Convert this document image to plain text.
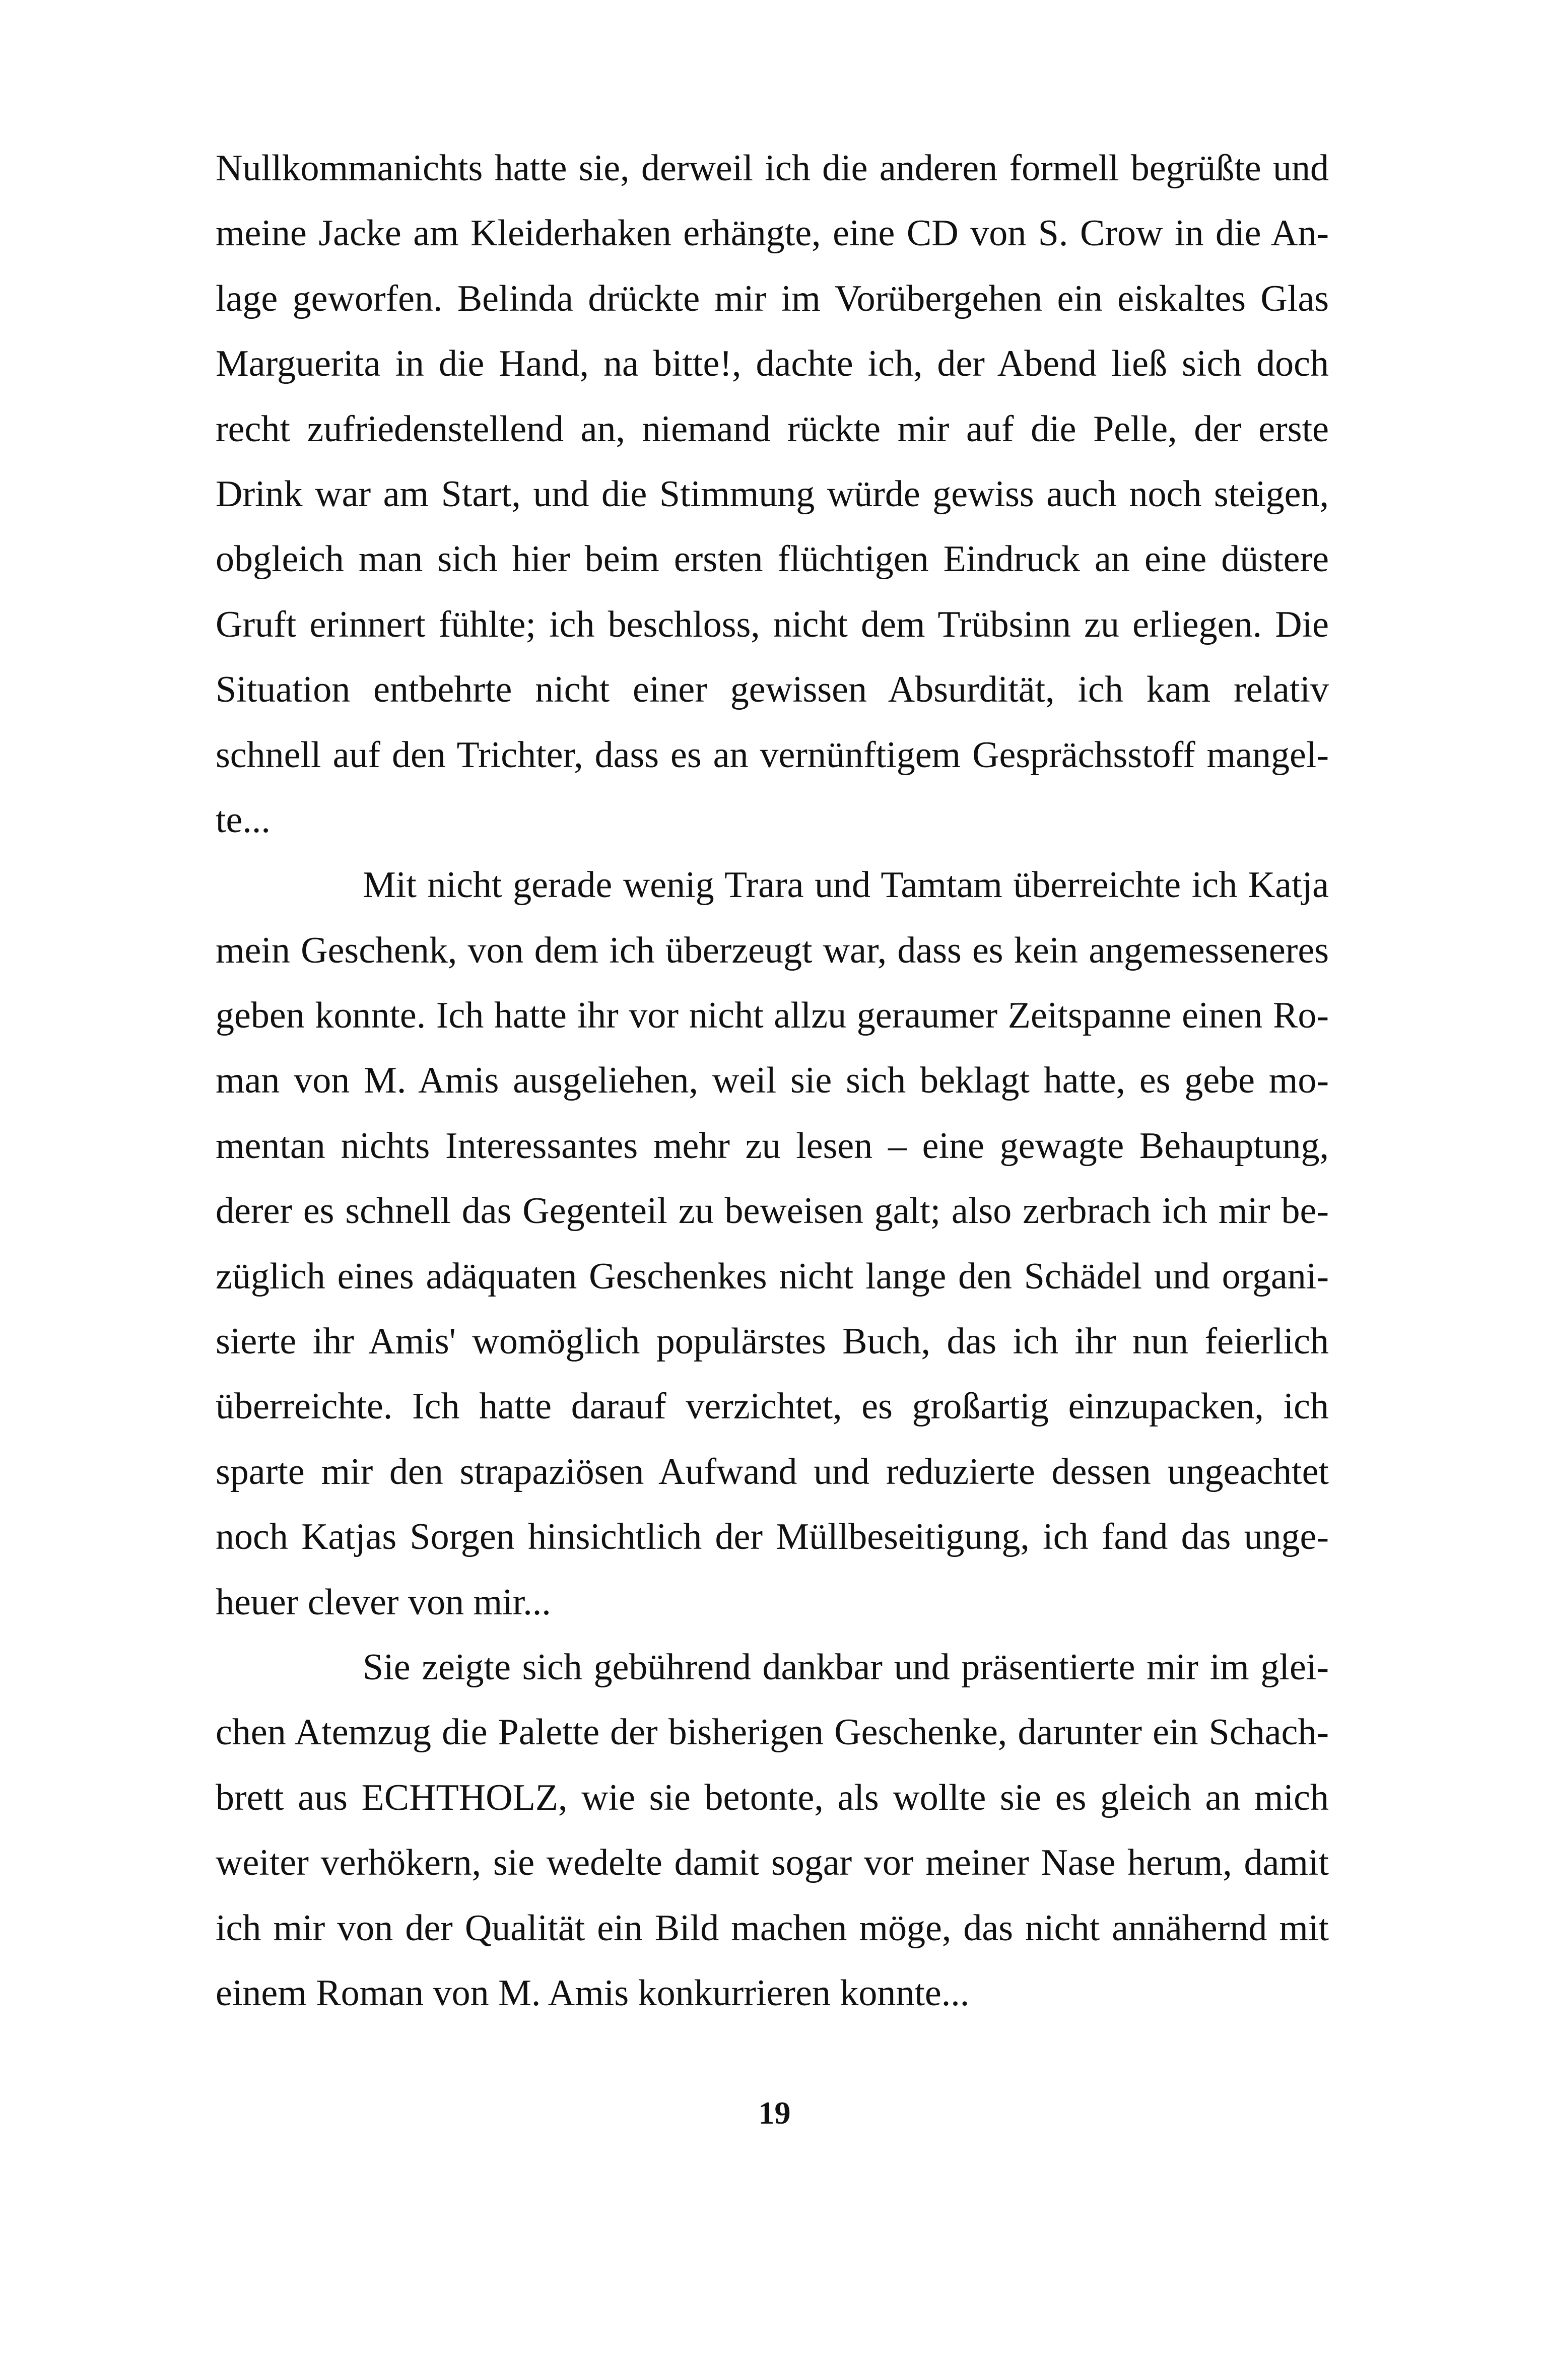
Nullkommanichts hatte sie, derweil ich die anderen formell begrüßte und
meine Jacke am Kleiderhaken erhängte, eine CD von S. Crow in die An-
lage geworfen. Belinda drückte mir im Vorübergehen ein eiskaltes Glas
Marguerita in die Hand, na bitte!, dachte ich, der Abend ließ sich doch
recht zufriedenstellend an, niemand rückte mir auf die Pelle, der erste
Drink war am Start, und die Stimmung würde gewiss auch noch steigen,
obgleich man sich hier beim ersten flüchtigen Eindruck an eine düstere
Gruft erinnert fühlte; ich beschloss, nicht dem Trübsinn zu erliegen. Die
Situation entbehrte nicht einer gewissen Absurdität, ich kam relativ
schnell auf den Trichter, dass es an vernünftigem Gesprächsstoff mangel-
te...
Mit nicht gerade wenig Trara und Tamtam überreichte ich Katja
mein Geschenk, von dem ich überzeugt war, dass es kein angemesseneres
geben konnte. Ich hatte ihr vor nicht allzu geraumer Zeitspanne einen Ro-
man von M. Amis ausgeliehen, weil sie sich beklagt hatte, es gebe mo-
mentan nichts Interessantes mehr zu lesen – eine gewagte Behauptung,
derer es schnell das Gegenteil zu beweisen galt; also zerbrach ich mir be-
züglich eines adäquaten Geschenkes nicht lange den Schädel und organi-
sierte ihr Amis' womöglich populärstes Buch, das ich ihr nun feierlich
überreichte. Ich hatte darauf verzichtet, es großartig einzupacken, ich
sparte mir den strapaziösen Aufwand und reduzierte dessen ungeachtet
noch Katjas Sorgen hinsichtlich der Müllbeseitigung, ich fand das unge-
heuer clever von mir...
Sie zeigte sich gebührend dankbar und präsentierte mir im glei-
chen Atemzug die Palette der bisherigen Geschenke, darunter ein Schach-
brett aus ECHTHOLZ, wie sie betonte, als wollte sie es gleich an mich
weiter verhökern, sie wedelte damit sogar vor meiner Nase herum, damit
ich mir von der Qualität ein Bild machen möge, das nicht annähernd mit
einem Roman von M. Amis konkurrieren konnte...
19
